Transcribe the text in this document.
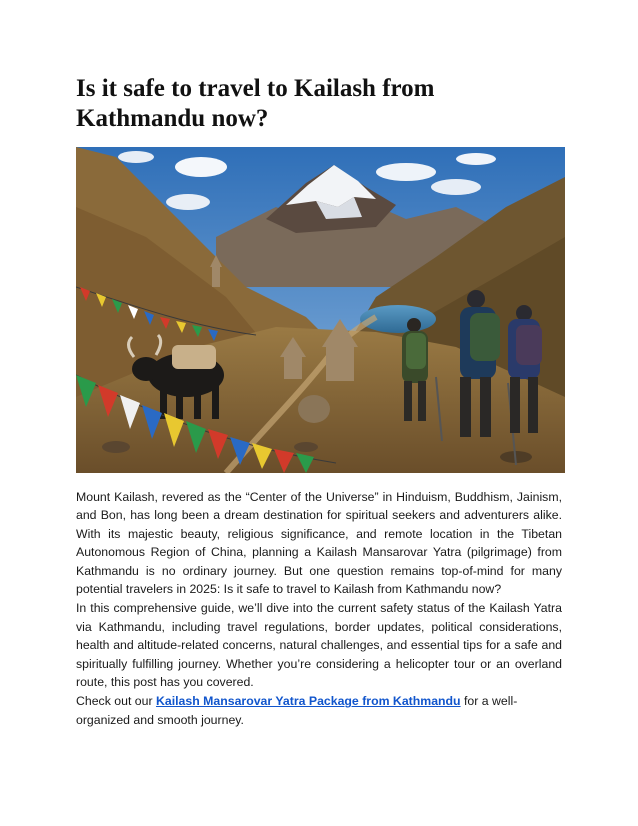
Is it safe to travel to Kailash from Kathmandu now?

Mount Kailash, revered as the “Center of the Universe” in Hinduism, Buddhism, Jainism, and Bon, has long been a dream destination for spiritual seekers and adventurers alike. With its majestic beauty, religious significance, and remote location in the Tibetan Autonomous Region of China, planning a Kailash Mansarovar Yatra (pilgrimage) from Kathmandu is no ordinary journey. But one question remains top-of-mind for many potential travelers in 2025: Is it safe to travel to Kailash from Kathmandu now?

In this comprehensive guide, we’ll dive into the current safety status of the Kailash Yatra via Kathmandu, including travel regulations, border updates, political considerations, health and altitude-related concerns, natural challenges, and essential tips for a safe and spiritually fulfilling journey. Whether you’re considering a helicopter tour or an overland route, this post has you covered.

Check out our Kailash Mansarovar Yatra Package from Kathmandu for a well-organized and smooth journey.
